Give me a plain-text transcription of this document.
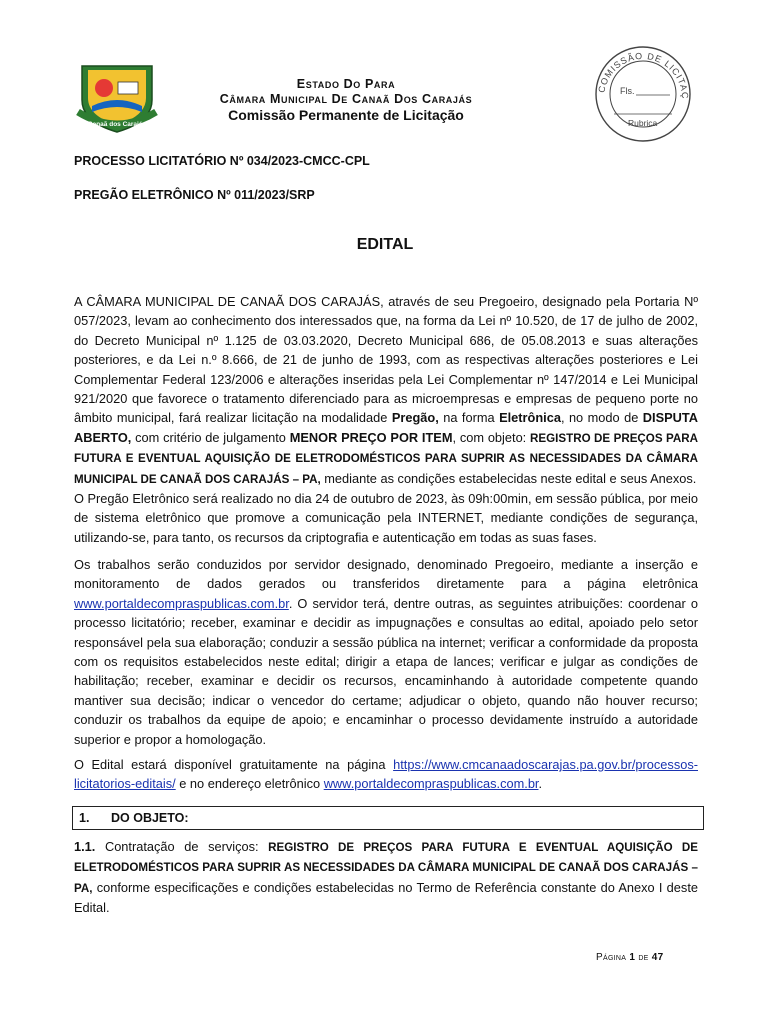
Canaã dos Carajás
Estado Do Para
Câmara Municipal De Canaã Dos Carajás
Comissão Permanente de Licitação
COMISSÃO DE LICITAÇ
Fls.
Rubrica
PROCESSO LICITATÓRIO Nº 034/2023-CMCC-CPL
PREGÃO ELETRÔNICO Nº 011/2023/SRP
EDITAL
A CÂMARA MUNICIPAL DE CANAÃ DOS CARAJÁS, através de seu Pregoeiro, designado pela Portaria Nº 057/2023, levam ao conhecimento dos interessados que, na forma da Lei nº 10.520, de 17 de julho de 2002, do Decreto Municipal nº 1.125 de 03.03.2020, Decreto Municipal 686, de 05.08.2013 e suas alterações posteriores, e da Lei n.º 8.666, de 21 de junho de 1993, com as respectivas alterações posteriores e Lei Complementar Federal 123/2006 e alterações inseridas pela Lei Complementar nº 147/2014 e Lei Municipal 921/2020 que favorece o tratamento diferenciado para as microempresas e empresas de pequeno porte no âmbito municipal, fará realizar licitação na modalidade Pregão, na forma Eletrônica, no modo de DISPUTA ABERTO, com critério de julgamento MENOR PREÇO POR ITEM, com objeto: REGISTRO DE PREÇOS PARA FUTURA E EVENTUAL AQUISIÇÃO DE ELETRODOMÉSTICOS PARA SUPRIR AS NECESSIDADES DA CÂMARA MUNICIPAL DE CANAÃ DOS CARAJÁS – PA, mediante as condições estabelecidas neste edital e seus Anexos.
O Pregão Eletrônico será realizado no dia 24 de outubro de 2023, às 09h:00min, em sessão pública, por meio de sistema eletrônico que promove a comunicação pela INTERNET, mediante condições de segurança, utilizando-se, para tanto, os recursos da criptografia e autenticação em todas as suas fases.
Os trabalhos serão conduzidos por servidor designado, denominado Pregoeiro, mediante a inserção e monitoramento de dados gerados ou transferidos diretamente para a página eletrônica www.portaldecompraspublicas.com.br. O servidor terá, dentre outras, as seguintes atribuições: coordenar o processo licitatório; receber, examinar e decidir as impugnações e consultas ao edital, apoiado pelo setor responsável pela sua elaboração; conduzir a sessão pública na internet; verificar a conformidade da proposta com os requisitos estabelecidos neste edital; dirigir a etapa de lances; verificar e julgar as condições de habilitação; receber, examinar e decidir os recursos, encaminhando à autoridade competente quando mantiver sua decisão; indicar o vencedor do certame; adjudicar o objeto, quando não houver recurso; conduzir os trabalhos da equipe de apoio; e encaminhar o processo devidamente instruído a autoridade superior e propor a homologação.
O Edital estará disponível gratuitamente na página https://www.cmcanaadoscarajas.pa.gov.br/processos-licitatorios-editais/ e no endereço eletrônico www.portaldecompraspublicas.com.br.
1. DO OBJETO:
1.1. Contratação de serviços: REGISTRO DE PREÇOS PARA FUTURA E EVENTUAL AQUISIÇÃO DE ELETRODOMÉSTICOS PARA SUPRIR AS NECESSIDADES DA CÂMARA MUNICIPAL DE CANAÃ DOS CARAJÁS – PA, conforme especificações e condições estabelecidas no Termo de Referência constante do Anexo I deste Edital.
Página 1 de 47
